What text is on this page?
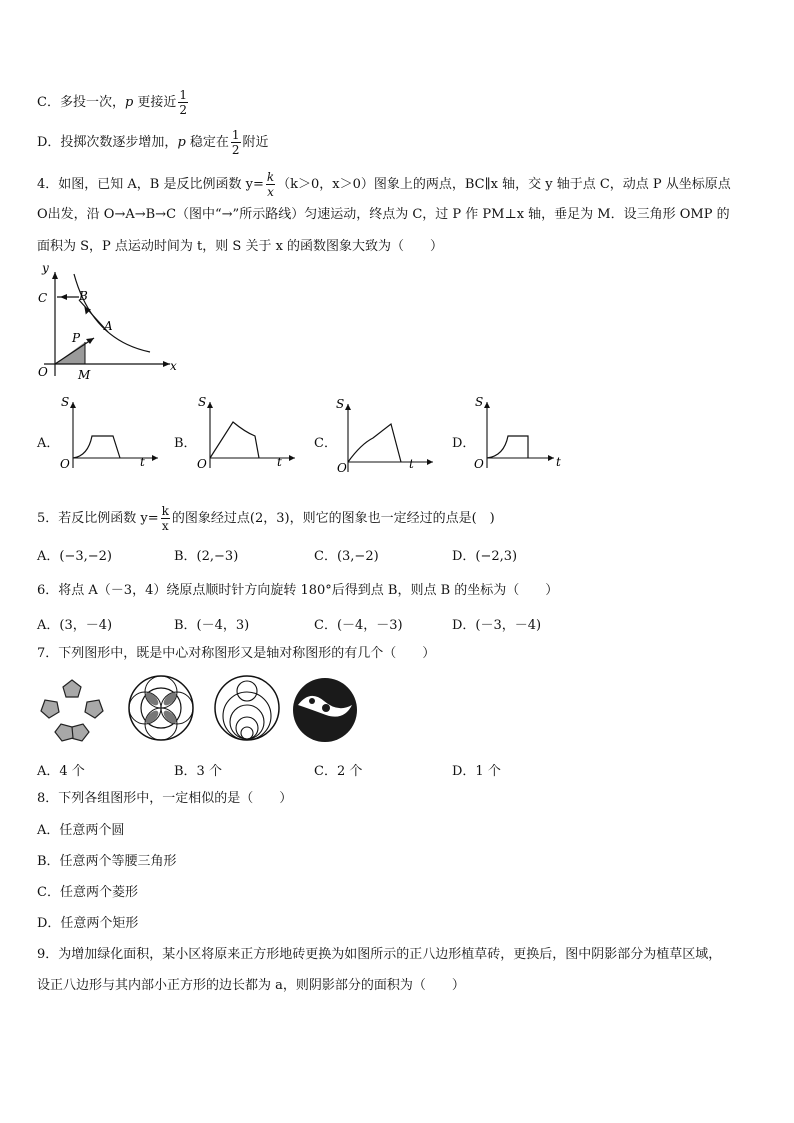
C．多投一次，p 更接近 $\frac{1}{2}$
D．投掷次数逐步增加，p 稳定在 $\frac{1}{2}$ 附近
4．如图，已知 A，B 是反比例函数 $y= \frac{k}{x} (k>0$，x＞0）图象上的两点，BC∥x 轴，交 y 轴于点 C，动点 P 从坐标原点
O出发，沿 O→A→B→C（图中“→”所示路线）匀速运动，终点为 C，过 P 作 PM⊥x 轴，垂足为 M．设三角形 OMP 的
面积为 S，P 点运动时间为 t，则 S 关于 x 的函数图象大致为（　　）
y
x
C	B
A
P
O	M
A．
S
O	t
B．
S
O	t
C．
S
O	t
D．
S
O	t
5．若反比例函数 $y= \frac{k}{x}$ 的图象经过点(2，3)，则它的图象也一定经过的点是(　)
A．(−3,−2)	B．(2,−3)	C．(3,−2)	D．(−2,3)
6．将点 A（－3，4）绕原点顺时针方向旋转 180°后得到点 B，则点 B 的坐标为（　　）
A．(3，－4)	B．(－4，3)	C．(－4，－3)	D．(－3，－4)
7．下列图形中，既是中心对称图形又是轴对称图形的有几个（　　）
A．4 个	B．3 个	C．2 个	D．1 个
8．下列各组图形中，一定相似的是（　　）
A．任意两个圆
B．任意两个等腰三角形
C．任意两个菱形
D．任意两个矩形
9．为增加绿化面积，某小区将原来正方形地砖更换为如图所示的正八边形植草砖，更换后，图中阴影部分为植草区域，
设正八边形与其内部小正方形的边长都为 a，则阴影部分的面积为（　　）
